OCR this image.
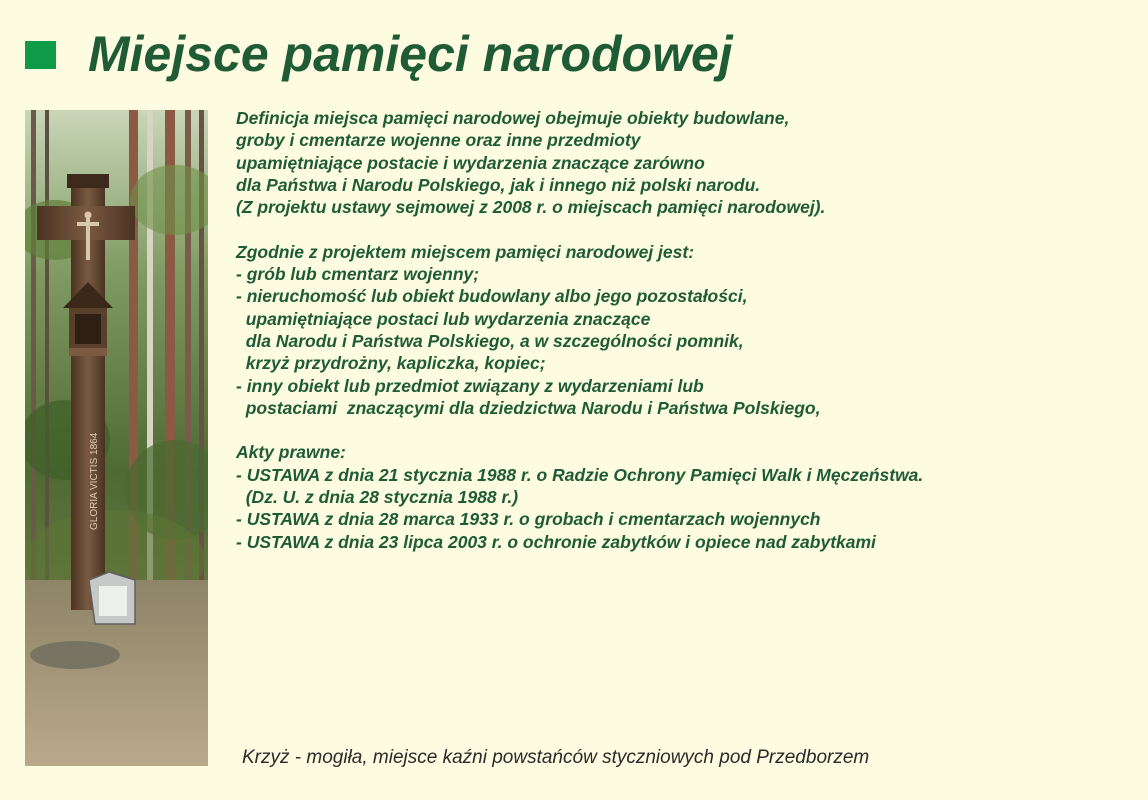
Miejsce pamięci narodowej
GLORIA VICTIS 1864

Definicja miejsca pamięci narodowej obejmuje obiekty budowlane,

groby i cmentarze wojenne oraz inne przedmioty

upamiętniające postacie i wydarzenia znaczące zarówno

dla Państwa i Narodu Polskiego, jak i innego niż polski narodu.

(Z projektu ustawy sejmowej z 2008 r. o miejscach pamięci narodowej).

Zgodnie z projektem miejscem pamięci narodowej jest:

- grób lub cmentarz wojenny;

- nieruchomość lub obiekt budowlany albo jego pozostałości,

upamiętniające postaci lub wydarzenia znaczące

dla Narodu i Państwa Polskiego, a w szczególności pomnik,

krzyż przydrożny, kapliczka, kopiec;

- inny obiekt lub przedmiot związany z wydarzeniami lub

postaciami  znaczącymi dla dziedzictwa Narodu i Państwa Polskiego,

Akty prawne:

- USTAWA z dnia 21 stycznia 1988 r. o Radzie Ochrony Pamięci Walk i Męczeństwa.

(Dz. U. z dnia 28 stycznia 1988 r.)

- USTAWA z dnia 28 marca 1933 r. o grobach i cmentarzach wojennych

- USTAWA z dnia 23 lipca 2003 r. o ochronie zabytków i opiece nad zabytkami

Krzyż - mogiła, miejsce kaźni powstańców styczniowych pod Przedborzem
